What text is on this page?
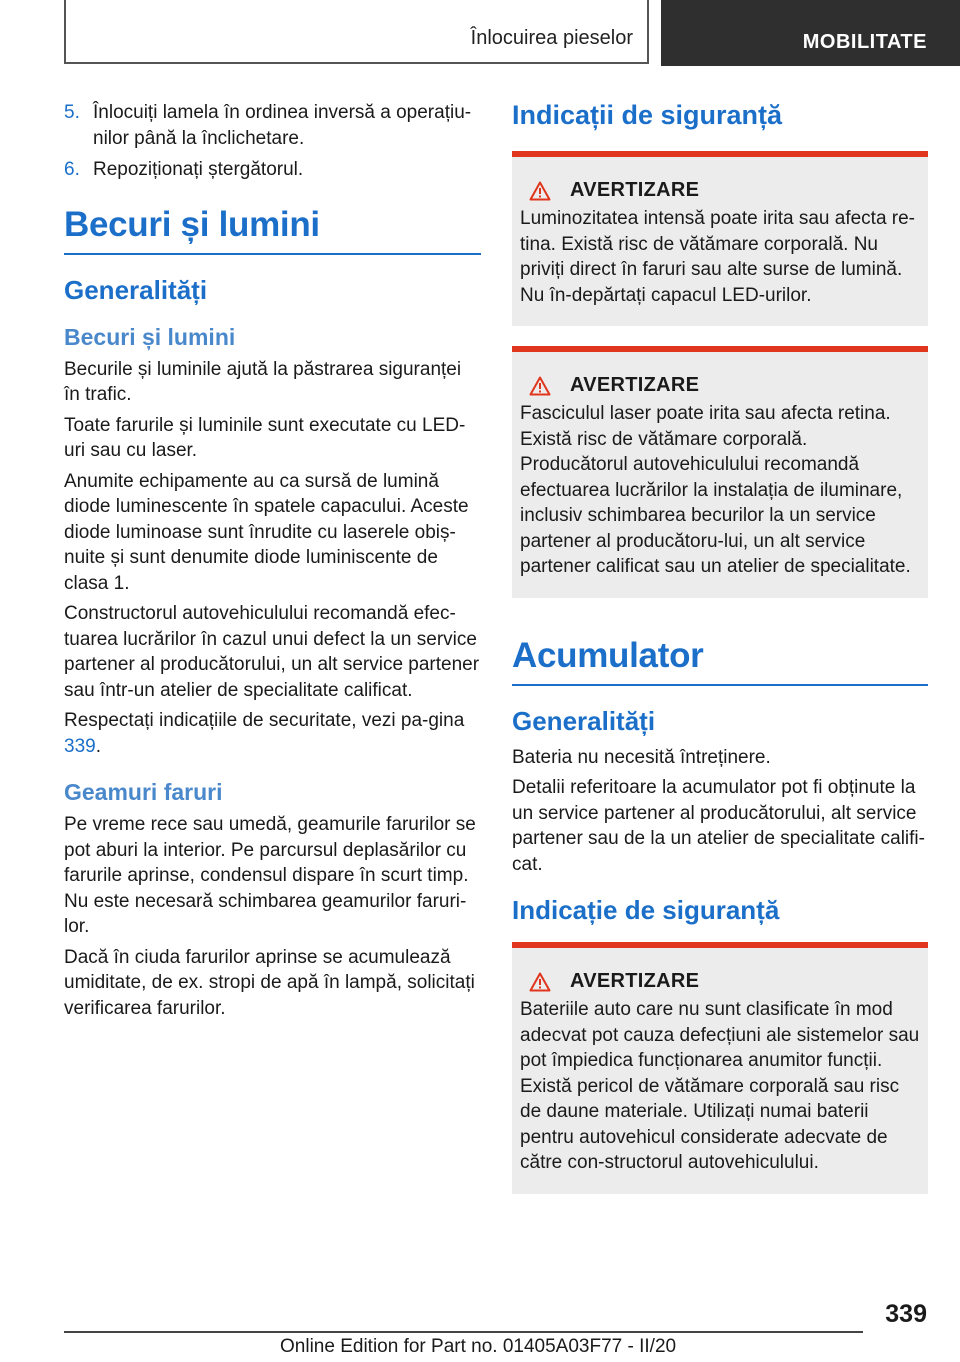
Înlocuirea pieselor	MOBILITATE
5. Înlocuiți lamela în ordinea inversă a operațiu-nilor până la înclichetare.
6. Repoziționați ștergătorul.
Becuri și lumini
Generalități
Becuri și lumini

Becurile și luminile ajută la păstrarea siguranței în trafic.

Toate farurile și luminile sunt executate cu LED-uri sau cu laser.

Anumite echipamente au ca sursă de lumină diode luminescente în spatele capacului. Aceste diode luminoase sunt înrudite cu laserele obiș-nuite și sunt denumite diode luminiscente de clasa 1.

Constructorul autovehiculului recomandă efec-tuarea lucrărilor în cazul unui defect la un service partener al producătorului, un alt service partener sau într-un atelier de specialitate calificat.

Respectați indicațiile de securitate, vezi pa-gina 339.

Geamuri faruri

Pe vreme rece sau umedă, geamurile farurilor se pot aburi la interior. Pe parcursul deplasărilor cu farurile aprinse, condensul dispare în scurt timp. Nu este necesară schimbarea geamurilor faruri-lor.

Dacă în ciuda farurilor aprinse se acumulează umiditate, de ex. stropi de apă în lampă, solicitați verificarea farurilor.

Indicații de siguranță
AVERTIZARE

Luminozitatea intensă poate irita sau afecta re-tina. Există risc de vătămare corporală. Nu priviți direct în faruri sau alte surse de lumină. Nu în-depărtați capacul LED-urilor.

AVERTIZARE

Fasciculul laser poate irita sau afecta retina. Există risc de vătămare corporală. Producătorul autovehiculului recomandă efectuarea lucrărilor la instalația de iluminare, inclusiv schimbarea becurilor la un service partener al producătoru-lui, un alt service partener calificat sau un atelier de specialitate.

Acumulator
Generalități

Bateria nu necesită întreținere.

Detalii referitoare la acumulator pot fi obținute la un service partener al producătorului, alt service partener sau de la un atelier de specialitate califi-cat.

Indicație de siguranță
AVERTIZARE

Bateriile auto care nu sunt clasificate în mod adecvat pot cauza defecțiuni ale sistemelor sau pot împiedica funcționarea anumitor funcții. Există pericol de vătămare corporală sau risc de daune materiale. Utilizați numai baterii pentru autovehicul considerate adecvate de către con-structorul autovehiculului.

339
Online Edition for Part no. 01405A03F77 - II/20
